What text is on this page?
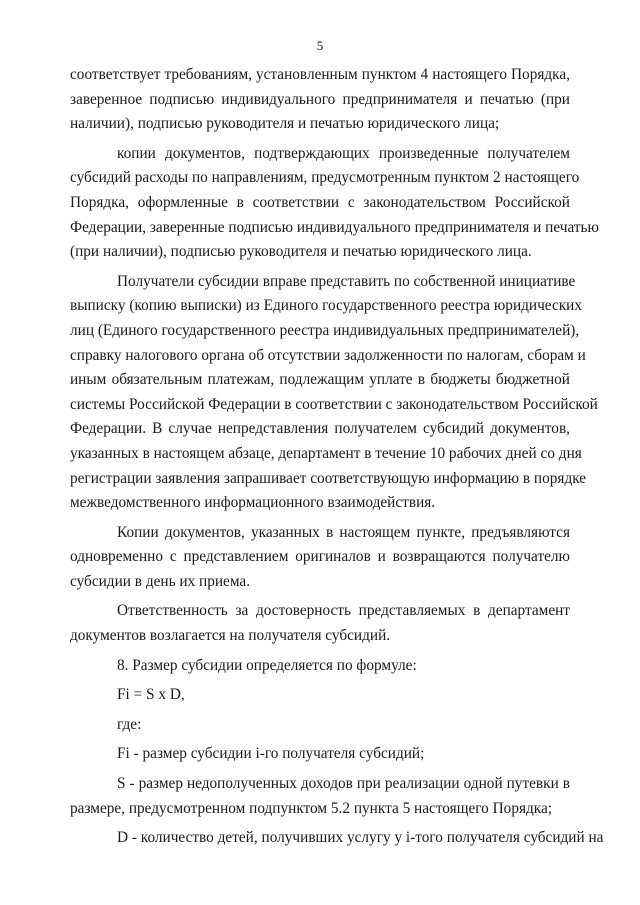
5
соответствует требованиям, установленным пунктом 4 настоящего Порядка,
заверенное подписью индивидуального предпринимателя и печатью (при
наличии), подписью руководителя и печатью юридического лица;
копии документов, подтверждающих произведенные получателем
субсидий расходы по направлениям, предусмотренным пунктом 2 настоящего
Порядка, оформленные в соответствии с законодательством Российской
Федерации, заверенные подписью индивидуального предпринимателя и печатью
(при наличии), подписью руководителя и печатью юридического лица.
Получатели субсидии вправе представить по собственной инициативе
выписку (копию выписки) из Единого государственного реестра юридических
лиц (Единого государственного реестра индивидуальных предпринимателей),
справку налогового органа об отсутствии задолженности по налогам, сборам и
иным обязательным платежам, подлежащим уплате в бюджеты бюджетной
системы Российской Федерации в соответствии с законодательством Российской
Федерации. В случае непредставления получателем субсидий документов,
указанных в настоящем абзаце, департамент в течение 10 рабочих дней со дня
регистрации заявления запрашивает соответствующую информацию в порядке
межведомственного информационного взаимодействия.
Копии документов, указанных в настоящем пункте, предъявляются
одновременно с представлением оригиналов и возвращаются получателю
субсидии в день их приема.
Ответственность за достоверность представляемых в департамент
документов возлагается на получателя субсидий.
8. Размер субсидии определяется по формуле:
Fi = S x D,
где:
Fi - размер субсидии i-го получателя субсидий;
S - размер недополученных доходов при реализации одной путевки в
размере, предусмотренном подпунктом 5.2 пункта 5 настоящего Порядка;
D - количество детей, получивших услугу у i-того получателя субсидий на
